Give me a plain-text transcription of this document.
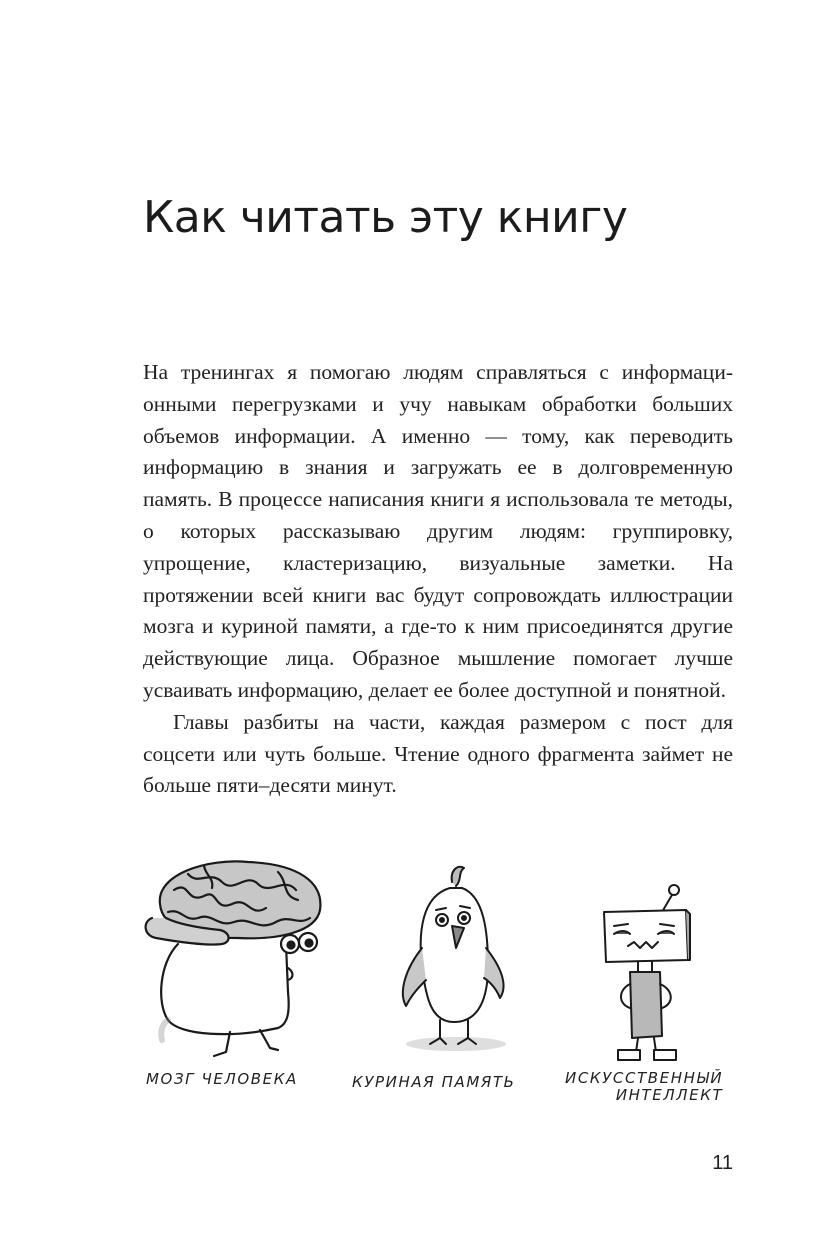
Как читать эту книгу

На тренингах я помогаю людям справляться с информационными перегрузками и учу навыкам обработки больших объемов информации. А именно — тому, как переводить информацию в знания и загружать ее в долговременную память. В процессе написания книги я использовала те методы, о которых рассказываю другим людям: группировку, упрощение, кластеризацию, визуальные заметки. На протяжении всей книги вас будут сопровождать иллюстрации мозга и куриной памяти, а где-то к ним присоединятся другие действующие лица. Образное мышление помогает лучше усваивать информацию, делает ее более доступной и понятной.

Главы разбиты на части, каждая размером с пост для соцсети или чуть больше. Чтение одного фрагмента займет не больше пяти–десяти минут.

МОЗГ ЧЕЛОВЕКА	КУРИНАЯ ПАМЯТЬ	ИСКУССТВЕННЫЙ
ИНТЕЛЛЕКТ
11
